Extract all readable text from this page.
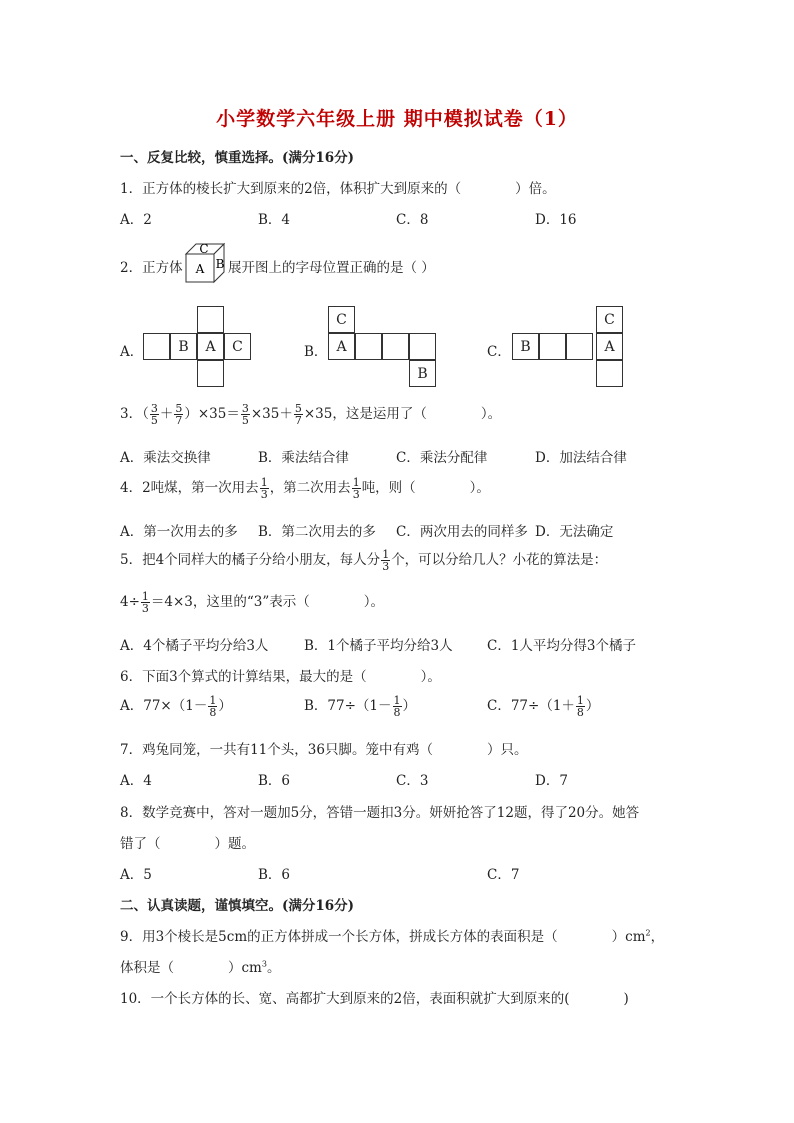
小学数学六年级上册 期中模拟试卷（1）
一、反复比较，慎重选择。(满分16分)
1．正方体的棱长扩大到原来的2倍，体积扩大到原来的（　　　　）倍。
A．2	B．4	C．8	D．16
2．正方体
C
A B 展开图上的字母位置正确的是（ ）
A．	B	A	C	B．
C
A
B
C． B
C
A
3．（ $\frac{3}{5} + \frac{5}{7} )\times 35= \frac{3}{5} \times 35+ \frac{5}{7} \times 35$，这是运用了（　　　　）。
A．乘法交换律	B．乘法结合律	C．乘法分配律	D．加法结合律
4．2吨煤，第一次用去 $\frac{1}{3}$ ，第二次用去 $\frac{1}{3}$ 吨，则（　　　　）。
A．第一次用去的多 B．第二次用去的多 C．两次用去的同样多 D．无法确定
5．把4个同样大的橘子分给小朋友，每人分 $\frac{1}{3}$ 个，可以分给几人？小花的算法是：
$4\div \frac{1}{3} =4\times 3$，这里的“3”表示（　　　　）。
A．4个橘子平均分给3人	B．1个橘子平均分给3人	C．1人平均分得3个橘子
6．下面3个算式的计算结果，最大的是（　　　　）。
A．$77\times(1- \frac{1}{8}$ ）	B．$77\div(1- \frac{1}{8}$ ）	C．$77\div(1+ \frac{1}{8}$ ）
7．鸡兔同笼，一共有11个头，36只脚。笼中有鸡（　　　　）只。
A．4	B．6	C．3	D．7
8．数学竞赛中，答对一题加5分，答错一题扣3分。妍妍抢答了12题，得了20分。她答
错了（　　　　）题。
A．5	B．6	C．7
二、认真读题，谨慎填空。(满分16分)
9．用3个棱长是5cm的正方体拼成一个长方体，拼成长方体的表面积是（　　　　）$cm^2$，
体积是（　　　　）$cm^3$。
10．一个长方体的长、宽、高都扩大到原来的2倍，表面积就扩大到原来的(　　　　)
